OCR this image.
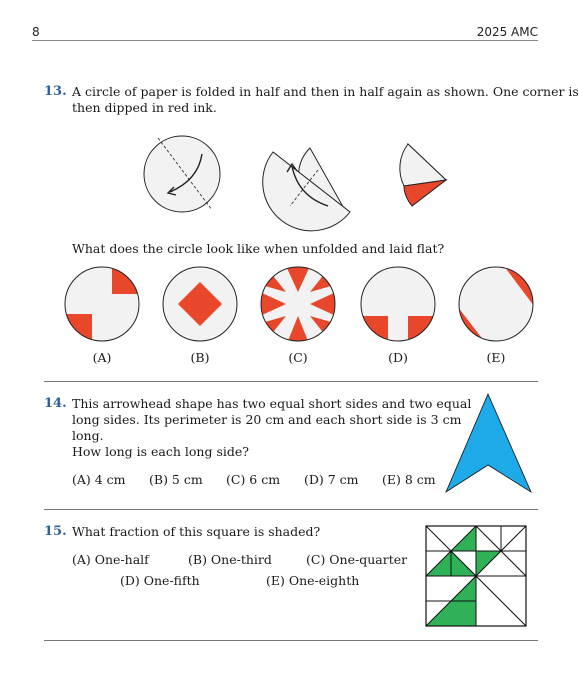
8	2025 AMC
13. A circle of paper is folded in half and then in half again as shown. One corner is
then dipped in red ink.
What does the circle look like when unfolded and laid flat?
(A)	(B)	(C)	(D)	(E)
14. This arrowhead shape has two equal short sides and two equal
long sides. Its perimeter is 20 cm and each short side is 3 cm
long.
How long is each long side?
(A) 4 cm (B) 5 cm (C) 6 cm (D) 7 cm (E) 8 cm
15. What fraction of this square is shaded?
(A) One-half	(B) One-third	(C) One-quarter
(D) One-fifth	(E) One-eighth
